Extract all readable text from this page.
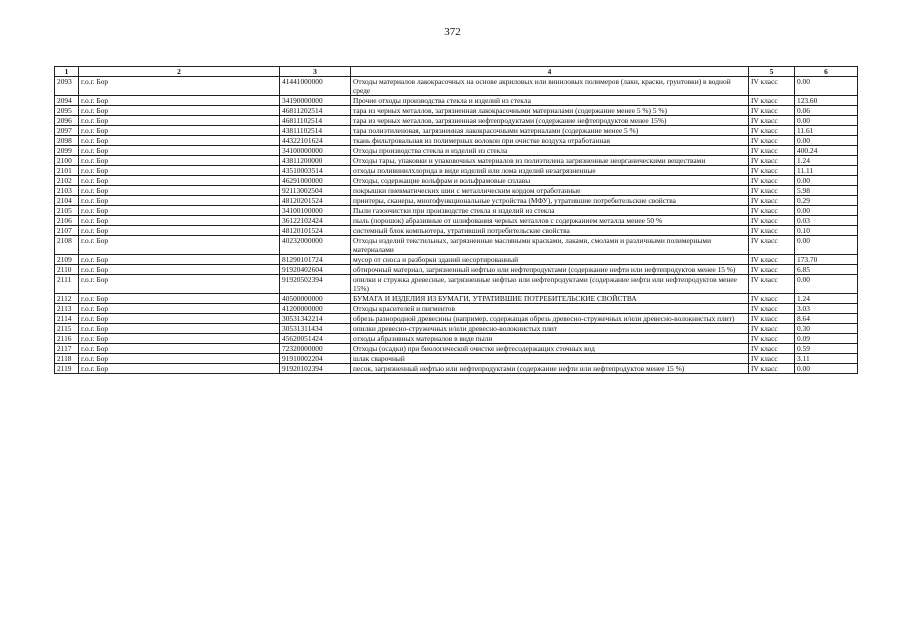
372
1	2	3	4	5	6
2093	г.о.г. Бор	41441000000	Отходы материалов лакокрасочных на основе акриловых или виниловых полимеров (лаки, краски, грунтовки) в водной среде	IV класс	0.00
2094	г.о.г. Бор	34190000000	Прочие отходы производства стекла и изделий из стекла	IV класс	123.60
2095	г.о.г. Бор	46811202514	тара из черных металлов, загрязненная лакокрасочными материалами (содержание менее 5 %) 5 %)	IV класс	0.06
2096	г.о.г. Бор	46811102514	тара из черных металлов, загрязненная нефтепродуктами (содержание нефтепродуктов менее 15%)	IV класс	0.00
2097	г.о.г. Бор	43811102514	тара полиэтиленовая, загрязненная лакокрасочными материалами (содержание менее 5 %)	IV класс	11.61
2098	г.о.г. Бор	44322101624	ткань фильтровальная из полимерных волокон при очистке воздуха отработанная	IV класс	0.00
2099	г.о.г. Бор	34100000000	Отходы производства стекла и изделий из стекла	IV класс	400.24
2100	г.о.г. Бор	43811200000	Отходы тары, упаковки и упаковочных материалов из полиэтилена загрязненные неорганическими веществами	IV класс	1.24
2101	г.о.г. Бор	43510003514	отходы поливинилхлорида в виде изделий или лома изделий незагрязненные	IV класс	11.11
2102	г.о.г. Бор	46291000000	Отходы, содержащие вольфрам и вольфрамовые сплавы	IV класс	0.00
2103	г.о.г. Бор	92113002504	покрышки пневматических шин с металлическим кордом отработанные	IV класс	5.98
2104	г.о.г. Бор	48120201524	принтеры, сканеры, многофункциональные устройства (МФУ), утратившие потребительские свойства	IV класс	0.29
2105	г.о.г. Бор	34100100000	Пыли газоочистки при производстве стекла и изделий из стекла	IV класс	0.00
2106	г.о.г. Бор	36122102424	пыль (порошок) абразивные от шлифования черных металлов с содержанием металла менее 50 %	IV класс	0.03
2107	г.о.г. Бор	48120101524	системный блок компьютера, утративший потребительские свойства	IV класс	0.10
2108	г.о.г. Бор	40232000000	Отходы изделий текстильных, загрязненные масляными красками, лаками, смолами и различными полимерными материалами	IV класс	0.00
2109	г.о.г. Бор	81290101724	мусор от сноса и разборки зданий несортированный	IV класс	173.70
2110	г.о.г. Бор	91920402604	обтирочный материал, загрязненный нефтью или нефтепродуктами (содержание нефти или нефтепродуктов менее 15 %)	IV класс	6.85
2111	г.о.г. Бор	91920502394	опилки и стружка древесные, загрязненные нефтью или нефтепродуктами (содержание нефти или нефтепродуктов менее 15%)	IV класс	0.00
2112	г.о.г. Бор	40500000000	БУМАГА И ИЗДЕЛИЯ ИЗ БУМАГИ, УТРАТИВШИЕ ПОТРЕБИТЕЛЬСКИЕ СВОЙСТВА	IV класс	1.24
2113	г.о.г. Бор	41200000000	Отходы красителей и пигментов	IV класс	3.03
2114	г.о.г. Бор	30531342214	обрезь разнородной древесины (например, содержащая обрезь древесно-стружечных и/или древесно-волокнистых плит)	IV класс	8.64
2115	г.о.г. Бор	30531311434	опилки древесно-стружечных и/или древесно-волокнистых плит	IV класс	0.30
2116	г.о.г. Бор	45620051424	отходы абразивных материалов в виде пыли	IV класс	0.09
2117	г.о.г. Бор	72320000000	Отходы (осадки) при биологической очистке нефтесодержащих сточных вод	IV класс	0.59
2118	г.о.г. Бор	91910002204	шлак сварочный	IV класс	3.11
2119	г.о.г. Бор	91920102394	песок, загрязненный нефтью или нефтепродуктами (содержание нефти или нефтепродуктов менее 15 %)	IV класс	0.00
